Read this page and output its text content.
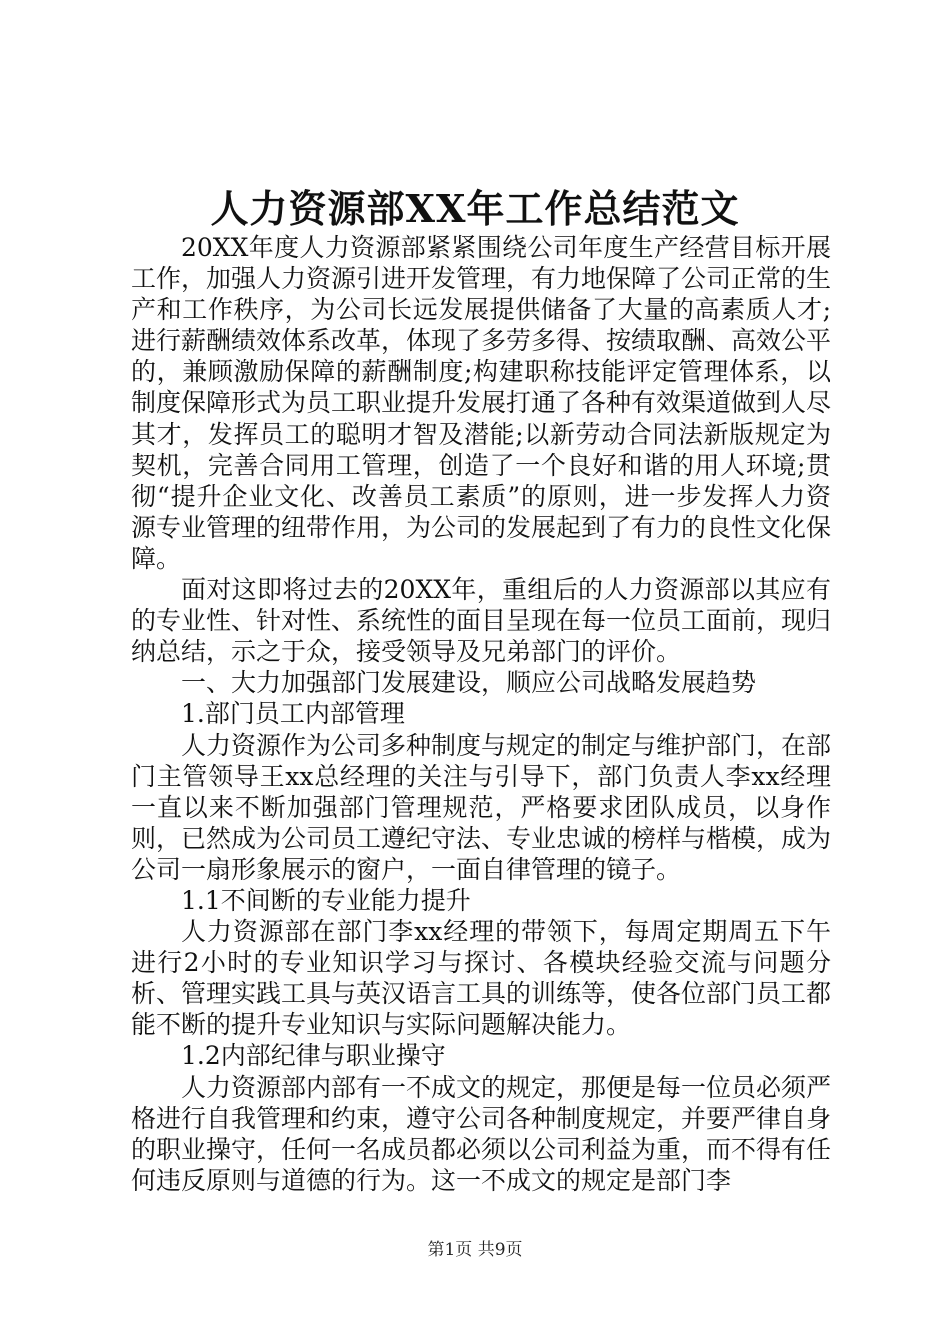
人力资源部XX年工作总结范文

20XX年度人力资源部紧紧围绕公司年度生产经营目标开展工作，加强人力资源引进开发管理，有力地保障了公司正常的生产和工作秩序，为公司长远发展提供储备了大量的高素质人才;进行薪酬绩效体系改革，体现了多劳多得、按绩取酬、高效公平的，兼顾激励保障的薪酬制度;构建职称技能评定管理体系，以制度保障形式为员工职业提升发展打通了各种有效渠道做到人尽其才，发挥员工的聪明才智及潜能;以新劳动合同法新版规定为契机，完善合同用工管理，创造了一个良好和谐的用人环境;贯彻“提升企业文化、改善员工素质”的原则，进一步发挥人力资源专业管理的纽带作用，为公司的发展起到了有力的良性文化保障。

面对这即将过去的20XX年，重组后的人力资源部以其应有的专业性、针对性、系统性的面目呈现在每一位员工面前，现归纳总结，示之于众，接受领导及兄弟部门的评价。

一、大力加强部门发展建设，顺应公司战略发展趋势

1.部门员工内部管理

人力资源作为公司多种制度与规定的制定与维护部门，在部门主管领导王xx总经理的关注与引导下，部门负责人李xx经理一直以来不断加强部门管理规范，严格要求团队成员，以身作则，已然成为公司员工遵纪守法、专业忠诚的榜样与楷模，成为公司一扇形象展示的窗户，一面自律管理的镜子。

1.1不间断的专业能力提升

人力资源部在部门李xx经理的带领下，每周定期周五下午进行2小时的专业知识学习与探讨、各模块经验交流与问题分析、管理实践工具与英汉语言工具的训练等，使各位部门员工都能不断的提升专业知识与实际问题解决能力。

1.2内部纪律与职业操守

人力资源部内部有一不成文的规定，那便是每一位员必须严格进行自我管理和约束，遵守公司各种制度规定，并要严律自身的职业操守，任何一名成员都必须以公司利益为重，而不得有任何违反原则与道德的行为。这一不成文的规定是部门李

第1页 共9页
